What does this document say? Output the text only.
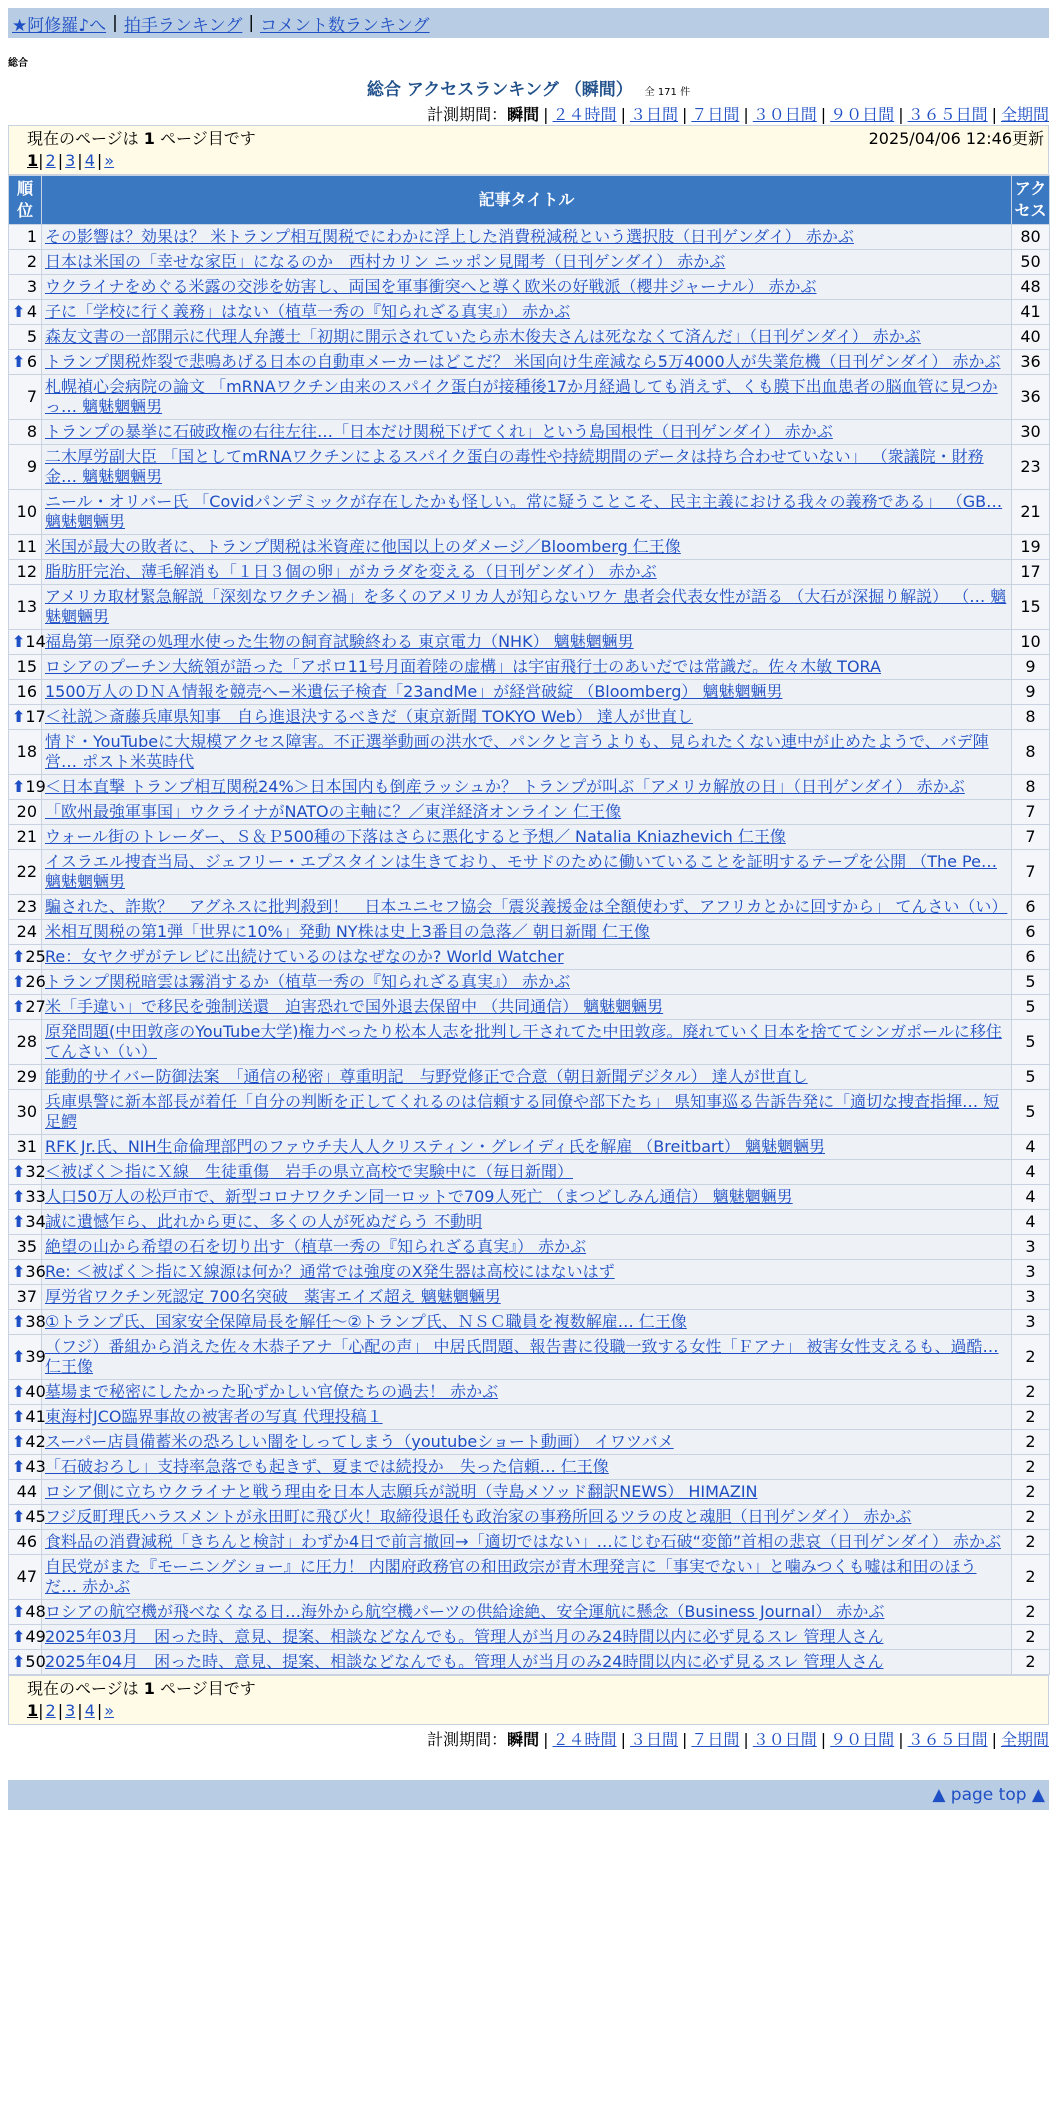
★阿修羅♪へ | 拍手ランキング | コメント数ランキング
総合
総合 アクセスランキング （瞬間） 全 171 件
計測期間：瞬間 | ２４時間 | ３日間 | ７日間 | ３０日間 | ９０日間 | ３６５日間 | 全期間
現在のページは 1 ページ目です	2025/04/06 12:46更新
1| 2 | 3 | 4 | »
順位	記事タイトル	アクセス
1	その影響は？効果は？ 米トランプ相互関税でにわかに浮上した消費税減税という選択肢（日刊ゲンダイ） 赤かぶ	80
2	日本は米国の「幸せな家臣」になるのか　西村カリン ニッポン見聞考（日刊ゲンダイ） 赤かぶ	50
3	ウクライナをめぐる米露の交渉を妨害し、両国を軍事衝突へと導く欧米の好戦派（櫻井ジャーナル） 赤かぶ	48

⬆ 4	子に「学校に行く義務」はない（植草一秀の『知られざる真実』） 赤かぶ	41
5	森友文書の一部開示に代理人弁護士「初期に開示されていたら赤木俊夫さんは死ななくて済んだ」（日刊ゲンダイ） 赤かぶ	40

⬆ 6	トランプ関税炸裂で悲鳴あげる日本の自動車メーカーはどこだ？ 米国向け生産減なら5万4000人が失業危機（日刊ゲンダイ） 赤かぶ	36
7	札幌禎心会病院の論文 「mRNAワクチン由来のスパイク蛋白が接種後17か月経過しても消えず、くも膜下出血患者の脳血管に見つかっ… 魑魅魍魎男	36
8	トランプの暴挙に石破政権の右往左往…「日本だけ関税下げてくれ」という島国根性（日刊ゲンダイ） 赤かぶ	30
9	二木厚労副大臣 「国としてmRNAワクチンによるスパイク蛋白の毒性や持続期間のデータは持ち合わせていない」 （衆議院・財務金… 魑魅魍魎男	23
10	ニール・オリバー氏 「Covidパンデミックが存在したかも怪しい。常に疑うことこそ、民主主義における我々の義務である」 （GB… 魑魅魍魎男	21
11	米国が最大の敗者に、トランプ関税は米資産に他国以上のダメージ／Bloomberg 仁王像	19
12	脂肪肝完治、薄毛解消も「１日３個の卵」がカラダを変える（日刊ゲンダイ） 赤かぶ	17
13	アメリカ取材緊急解説「深刻なワクチン禍」を多くのアメリカ人が知らないワケ 患者会代表女性が語る （大石が深掘り解説） （… 魑魅魍魎男	15

⬆ 14	福島第一原発の処理水使った生物の飼育試験終わる 東京電力（NHK） 魑魅魍魎男	10
15	ロシアのプーチン大統領が語った「アポロ11号月面着陸の虚構」は宇宙飛行士のあいだでは常識だ。佐々木敏 TORA	9
16	1500万人のＤＮＡ情報を競売へ−米遺伝子検査「23andMe」が経営破綻 （Bloomberg） 魑魅魍魎男	9

⬆ 17	＜社説＞斎藤兵庫県知事　自ら進退決するべきだ（東京新聞 TOKYO Web） 達人が世直し	8
18	情ド・YouTubeに大規模アクセス障害。不正選挙動画の洪水で、パンクと言うよりも、見られたくない連中が止めたようで、バデ陣営… ポスト米英時代	8

⬆ 19	＜日本直撃 トランプ相互関税24%＞日本国内も倒産ラッシュか？ トランプが叫ぶ「アメリカ解放の日」（日刊ゲンダイ） 赤かぶ	8
20	「欧州最強軍事国」ウクライナがNATOの主軸に？／東洋経済オンライン 仁王像	7
21	ウォール街のトレーダー、Ｓ＆Ｐ500種の下落はさらに悪化すると予想／ Natalia Kniazhevich 仁王像	7
22	イスラエル捜査当局、ジェフリー・エプスタインは生きており、モサドのために働いていることを証明するテープを公開 （The Pe… 魑魅魍魎男	7
23	騙された、詐欺？　アグネスに批判殺到！　日本ユニセフ協会「震災義援金は全額使わず、アフリカとかに回すから」 てんさい（い）	6
24	米相互関税の第1弾「世界に10%」発動 NY株は史上3番目の急落／ 朝日新聞 仁王像	6

⬆ 25	Re：女ヤクザがテレビに出続けているのはなぜなのか? World Watcher	6

⬆ 26	トランプ関税暗雲は霧消するか（植草一秀の『知られざる真実』） 赤かぶ	5

⬆ 27	米「手違い」で移民を強制送還　迫害恐れで国外退去保留中 （共同通信） 魑魅魍魎男	5
28	原発問題(中田敦彦のYouTube大学)権力べったり松本人志を批判し干されてた中田敦彦。廃れていく日本を捨ててシンガポールに移住 てんさい（い）	5
29	能動的サイバー防御法案　「通信の秘密」尊重明記　与野党修正で合意（朝日新聞デジタル） 達人が世直し	5
30	兵庫県警に新本部長が着任「自分の判断を正してくれるのは信頼する同僚や部下たち」 県知事巡る告訴告発に「適切な捜査指揮… 短足鰐	5
31	RFK Jr.氏、NIH生命倫理部門のファウチ夫人人クリスティン・グレイディ氏を解雇 （Breitbart） 魑魅魍魎男	4

⬆ 32	＜被ばく＞指にＸ線　生徒重傷　岩手の県立高校で実験中に（毎日新聞）	4

⬆ 33	人口50万人の松戸市で、新型コロナワクチン同一ロットで709人死亡 （まつどしみん通信） 魑魅魍魎男	4

⬆ 34	誠に遺憾乍ら、此れから更に、多くの人が死ぬだらう 不動明	4
35	絶望の山から希望の石を切り出す（植草一秀の『知られざる真実』） 赤かぶ	3

⬆ 36	Re: ＜被ばく＞指にＸ線源は何か？通常では強度のX発生器は高校にはないはず	3
37	厚労省ワクチン死認定 700名突破　薬害エイズ超え 魑魅魍魎男	3

⬆ 38	①トランプ氏、国家安全保障局長を解任～②トランプ氏、ＮＳＣ職員を複数解雇… 仁王像	3

⬆ 39	（フジ）番組から消えた佐々木恭子アナ「心配の声」 中居氏問題、報告書に役職一致する女性「Ｆアナ」 被害女性支えるも、過酷… 仁王像	2

⬆ 40	墓場まで秘密にしたかった恥ずかしい官僚たちの過去！ 赤かぶ	2

⬆ 41	東海村JCO臨界事故の被害者の写真 代理投稿１	2

⬆ 42	スーパー店員備蓄米の恐ろしい闇をしってしまう（youtubeショート動画） イワツバメ	2

⬆ 43	「石破おろし」支持率急落でも起きず、夏までは続投か　失った信頼… 仁王像	2
44	ロシア側に立ちウクライナと戦う理由を日本人志願兵が説明（寺島メソッド翻訳NEWS） HIMAZIN	2

⬆ 45	フジ反町理氏ハラスメントが永田町に飛び火！取締役退任も政治家の事務所回るツラの皮と魂胆（日刊ゲンダイ） 赤かぶ	2
46	食料品の消費減税「きちんと検討」わずか4日で前言撤回→「適切ではない」…にじむ石破“変節”首相の悲哀（日刊ゲンダイ） 赤かぶ	2
47	自民党がまた『モーニングショー』に圧力！ 内閣府政務官の和田政宗が青木理発言に「事実でない」と噛みつくも嘘は和田のほうだ… 赤かぶ	2

⬆ 48	ロシアの航空機が飛べなくなる日…海外から航空機パーツの供給途絶、安全運航に懸念（Business Journal） 赤かぶ	2

⬆ 49	2025年03月　困った時、意見、提案、相談などなんでも。管理人が当月のみ24時間以内に必ず見るスレ 管理人さん	2

⬆ 50	2025年04月　困った時、意見、提案、相談などなんでも。管理人が当月のみ24時間以内に必ず見るスレ 管理人さん	2
現在のページは 1 ページ目です
1| 2 | 3 | 4 | »
計測期間：瞬間 | ２４時間 | ３日間 | ７日間 | ３０日間 | ９０日間 | ３６５日間 | 全期間
▲ page top ▲
